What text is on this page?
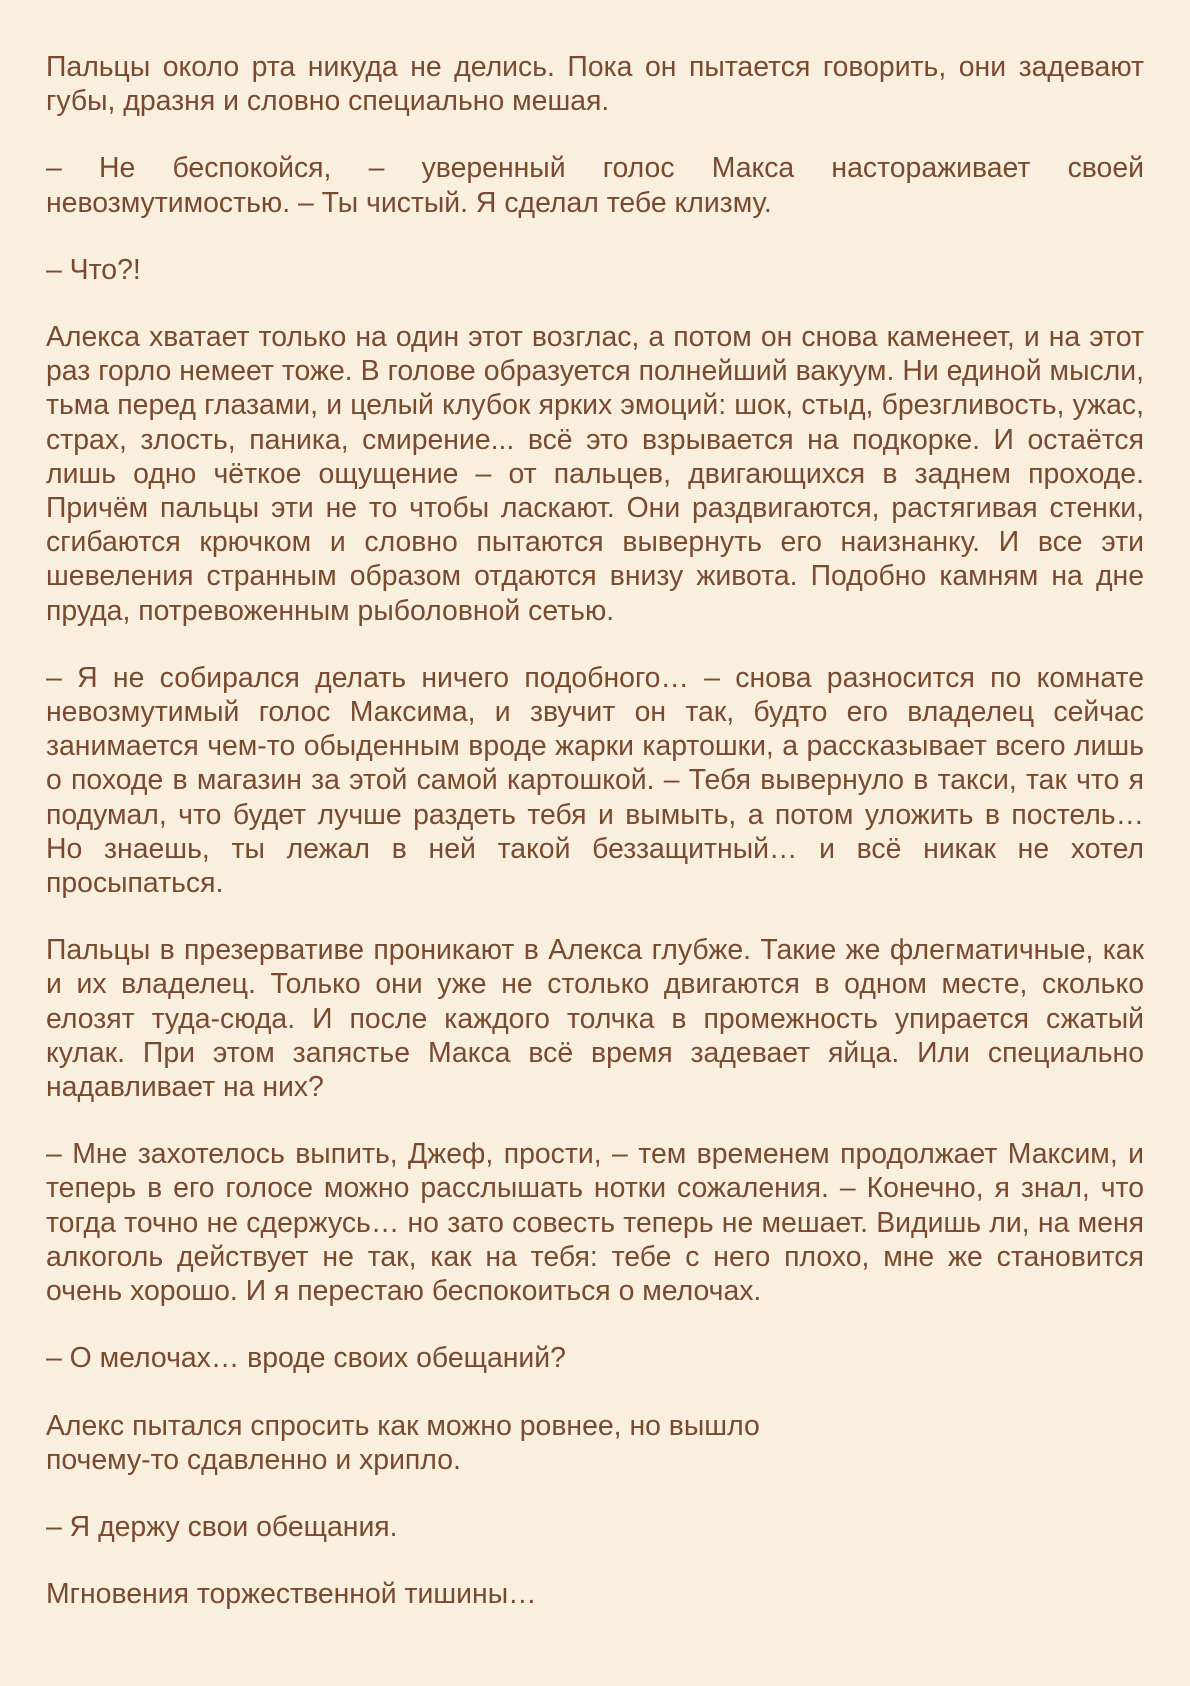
Пальцы около рта никуда не делись. Пока он пытается говорить, они задевают губы, дразня и словно специально мешая.

– Не беспокойся, – уверенный голос Макса настораживает своей невозмутимостью. – Ты чистый. Я сделал тебе клизму.

– Что?!

Алекса хватает только на один этот возглас, а потом он снова каменеет, и на этот раз горло немеет тоже. В голове образуется полнейший вакуум. Ни единой мысли, тьма перед глазами, и целый клубок ярких эмоций: шок, стыд, брезгливость, ужас, страх, злость, паника, смирение... всё это взрывается на подкорке. И остаётся лишь одно чёткое ощущение – от пальцев, двигающихся в заднем проходе. Причём пальцы эти не то чтобы ласкают. Они раздвигаются, растягивая стенки, сгибаются крючком и словно пытаются вывернуть его наизнанку. И все эти шевеления странным образом отдаются внизу живота. Подобно камням на дне пруда, потревоженным рыболовной сетью.

– Я не собирался делать ничего подобного… – снова разносится по комнате невозмутимый голос Максима, и звучит он так, будто его владелец сейчас занимается чем-то обыденным вроде жарки картошки, а рассказывает всего лишь о походе в магазин за этой самой картошкой. – Тебя вывернуло в такси, так что я подумал, что будет лучше раздеть тебя и вымыть, а потом уложить в постель… Но знаешь, ты лежал в ней такой беззащитный… и всё никак не хотел просыпаться.

Пальцы в презервативе проникают в Алекса глубже. Такие же флегматичные, как и их владелец. Только они уже не столько двигаются в одном месте, сколько елозят туда-сюда. И после каждого толчка в промежность упирается сжатый кулак. При этом запястье Макса всё время задевает яйца. Или специально надавливает на них?

– Мне захотелось выпить, Джеф, прости, – тем временем продолжает Максим, и теперь в его голосе можно расслышать нотки сожаления. – Конечно, я знал, что тогда точно не сдержусь… но зато совесть теперь не мешает. Видишь ли, на меня алкоголь действует не так, как на тебя: тебе с него плохо, мне же становится очень хорошо. И я перестаю беспокоиться о мелочах.

– О мелочах… вроде своих обещаний?

Алекс пытался спросить как можно ровнее, но вышло
почему-то сдавленно и хрипло.

– Я держу свои обещания.

Мгновения торжественной тишины…
